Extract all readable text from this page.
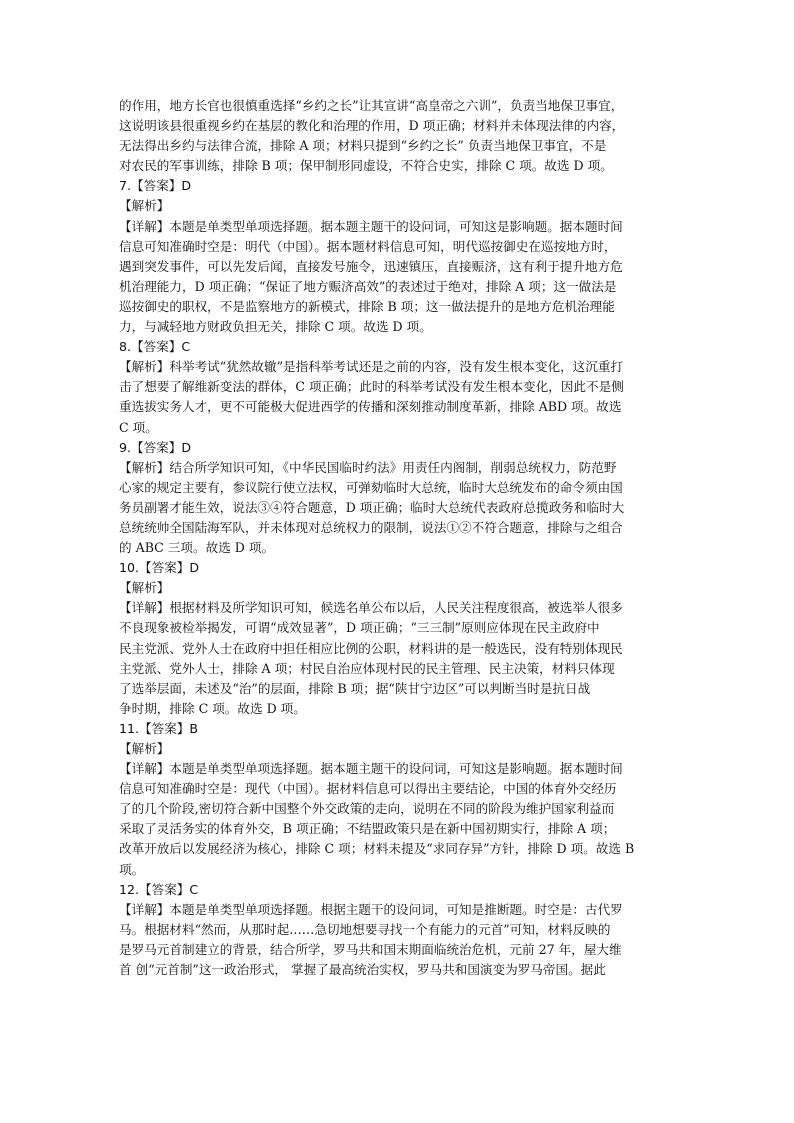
的作用，地方长官也很慎重选择“乡约之长”让其宣讲“高皇帝之六训”，负责当地保卫事宜，
这说明该县很重视乡约在基层的教化和治理的作用，D 项正确；材料并未体现法律的内容，
无法得出乡约与法律合流，排除 A 项；材料只提到“乡约之长” 负责当地保卫事宜，不是
对农民的军事训练，排除 B 项；保甲制形同虚设，不符合史实，排除 C 项。故选 D 项。
7.【答案】D
【解析】
【详解】本题是单类型单项选择题。据本题主题干的设问词，可知这是影响题。据本题时间
信息可知准确时空是：明代（中国）。据本题材料信息可知，明代巡按御史在巡按地方时，
遇到突发事件，可以先发后闻，直接发号施令，迅速镇压，直接赈济，这有利于提升地方危
机治理能力，D 项正确；“保证了地方赈济高效”的表述过于绝对，排除 A 项；这一做法是
巡按御史的职权，不是监察地方的新模式，排除 B 项；这一做法提升的是地方危机治理能
力，与减轻地方财政负担无关，排除 C 项。故选 D 项。
8.【答案】C
【解析】科举考试“犹然故辙”是指科举考试还是之前的内容，没有发生根本变化，这沉重打
击了想要了解维新变法的群体，C 项正确；此时的科举考试没有发生根本变化，因此不是侧
重选拔实务人才，更不可能极大促进西学的传播和深刻推动制度革新，排除 ABD 项。故选
C 项。
9.【答案】D
【解析】结合所学知识可知，《中华民国临时约法》用责任内阁制，削弱总统权力，防范野
心家的规定主要有，参议院行使立法权，可弹劾临时大总统，临时大总统发布的命令须由国
务员副署才能生效，说法③④符合题意，D 项正确；临时大总统代表政府总揽政务和临时大
总统统帅全国陆海军队，并未体现对总统权力的限制，说法①②不符合题意，排除与之组合
的 ABC 三项。故选 D 项。
10.【答案】D
【解析】
【详解】根据材料及所学知识可知，候选名单公布以后，人民关注程度很高，被选举人很多
不良现象被检举揭发，可谓“成效显著”，D 项正确；“三三制”原则应体现在民主政府中
民主党派、党外人士在政府中担任相应比例的公职，材料讲的是一般选民，没有特别体现民
主党派、党外人士，排除 A 项；村民自治应体现村民的民主管理、民主决策，材料只体现
了选举层面，未述及“治”的层面，排除 B 项；据“陕甘宁边区”可以判断当时是抗日战
争时期，排除 C 项。故选 D 项。
11.【答案】B
【解析】
【详解】本题是单类型单项选择题。据本题主题干的设问词，可知这是影响题。据本题时间
信息可知准确时空是：现代（中国）。据材料信息可以得出主要结论，中国的体育外交经历
了的几个阶段,密切符合新中国整个外交政策的走向，说明在不同的阶段为维护国家利益而
采取了灵活务实的体育外交，B 项正确；不结盟政策只是在新中国初期实行，排除 A 项；
改革开放后以发展经济为核心，排除 C 项；材料未提及“求同存异”方针，排除 D 项。故选 B
项。
12.【答案】C
【详解】本题是单类型单项选择题。根据主题干的设问词，可知是推断题。时空是：古代罗
马。根据材料“然而，从那时起……急切地想要寻找一个有能力的元首”可知，材料反映的
是罗马元首制建立的背景，结合所学，罗马共和国末期面临统治危机，元前 27 年，屋大维
首 创“元首制”这一政治形式， 掌握了最高统治实权，罗马共和国演变为罗马帝国。据此
